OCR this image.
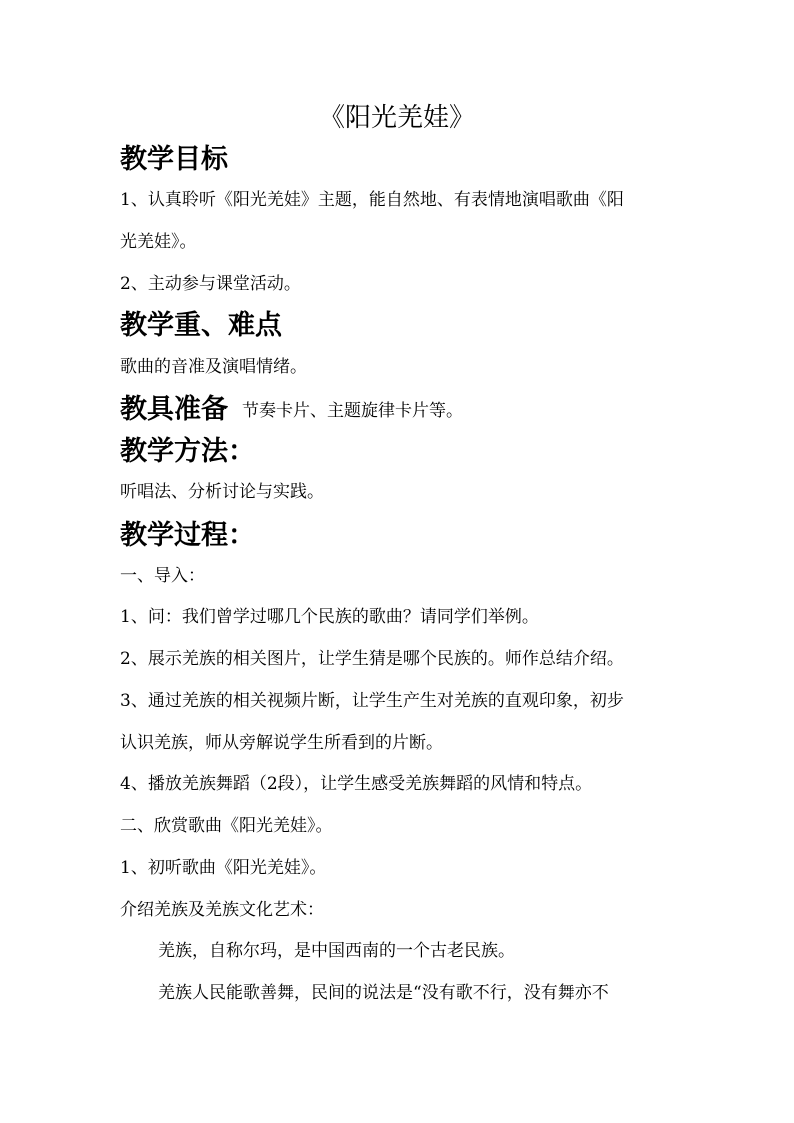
《阳光羌娃》
教学目标
1、认真聆听《阳光羌娃》主题，能自然地、有表情地演唱歌曲《阳
光羌娃》。
2、主动参与课堂活动。
教学重、难点
歌曲的音准及演唱情绪。
教具准备 节奏卡片、主题旋律卡片等。
教学方法：
听唱法、分析讨论与实践。
教学过程：
一、导入：
1、问：我们曾学过哪几个民族的歌曲？请同学们举例。
2、展示羌族的相关图片，让学生猜是哪个民族的。师作总结介绍。
3、通过羌族的相关视频片断，让学生产生对羌族的直观印象，初步
认识羌族，师从旁解说学生所看到的片断。
4、播放羌族舞蹈（2段），让学生感受羌族舞蹈的风情和特点。
二、欣赏歌曲《阳光羌娃》。
1、初听歌曲《阳光羌娃》。
介绍羌族及羌族文化艺术：
羌族，自称尔玛，是中国西南的一个古老民族。
羌族人民能歌善舞，民间的说法是“没有歌不行，没有舞亦不
